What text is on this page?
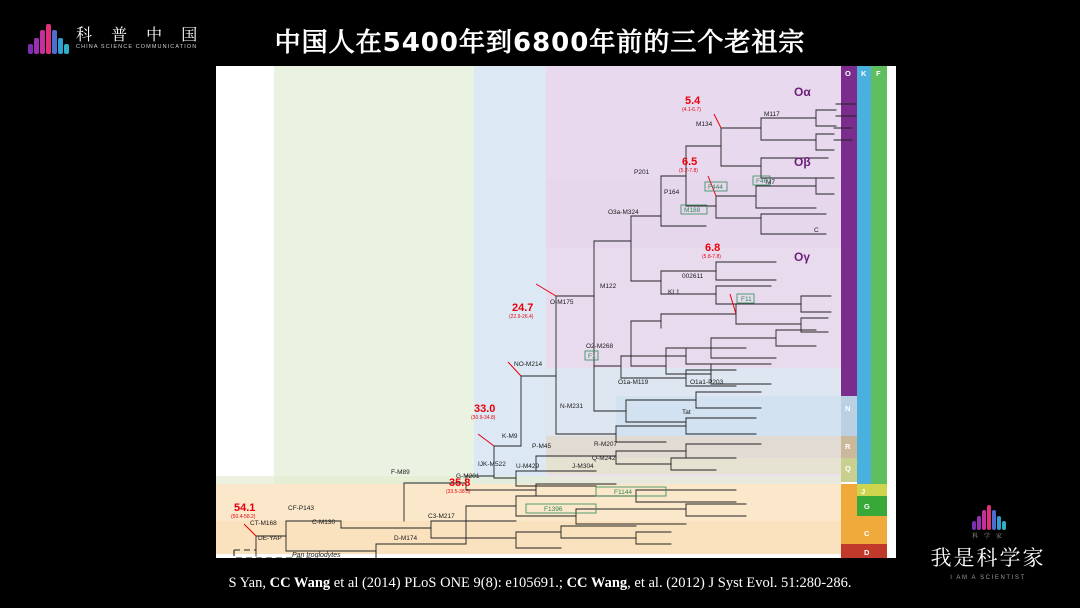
科 普 中 国
CHINA SCIENCE COMMUNICATION	中国人在5400年到6800年前的三个老祖宗
O K F
N
R
Q
J
G
C
D
5.4
(4.1-6.7)
6.5
(5.2-7.8)
6.8
(5.8-7.8)
24.7
(22.9-26.4)
33.0
(30.9-34.8)
35.8
(33.5-38.5)
54.1
(50.4-58.2)
M134
M117
P201
P164
M7
O3a-M324
C
002611
KL1
M122
O-M175
O2-M268
O1a-M119	O1a1-P203
NO-M214
N-M231
Tat
K-M9
P-M45	R-M207
Q-M242
IJK-M522 U-M429	J-M304
F-M89
G-M201
CF-P143
CT-M168	C-M130
C3-M217
DE-YAP	D-M174
Pan troglodytes
F444
F46
M188
F11
F1
F1144
F1396
Oα
Oβ
Oγ
S Yan, CC Wang et al (2014) PLoS ONE 9(8): e105691.; CC Wang, et al. (2012) J Syst Evol. 51:280-286.
科 学 家
我是科学家
I AM A SCIENTIST
